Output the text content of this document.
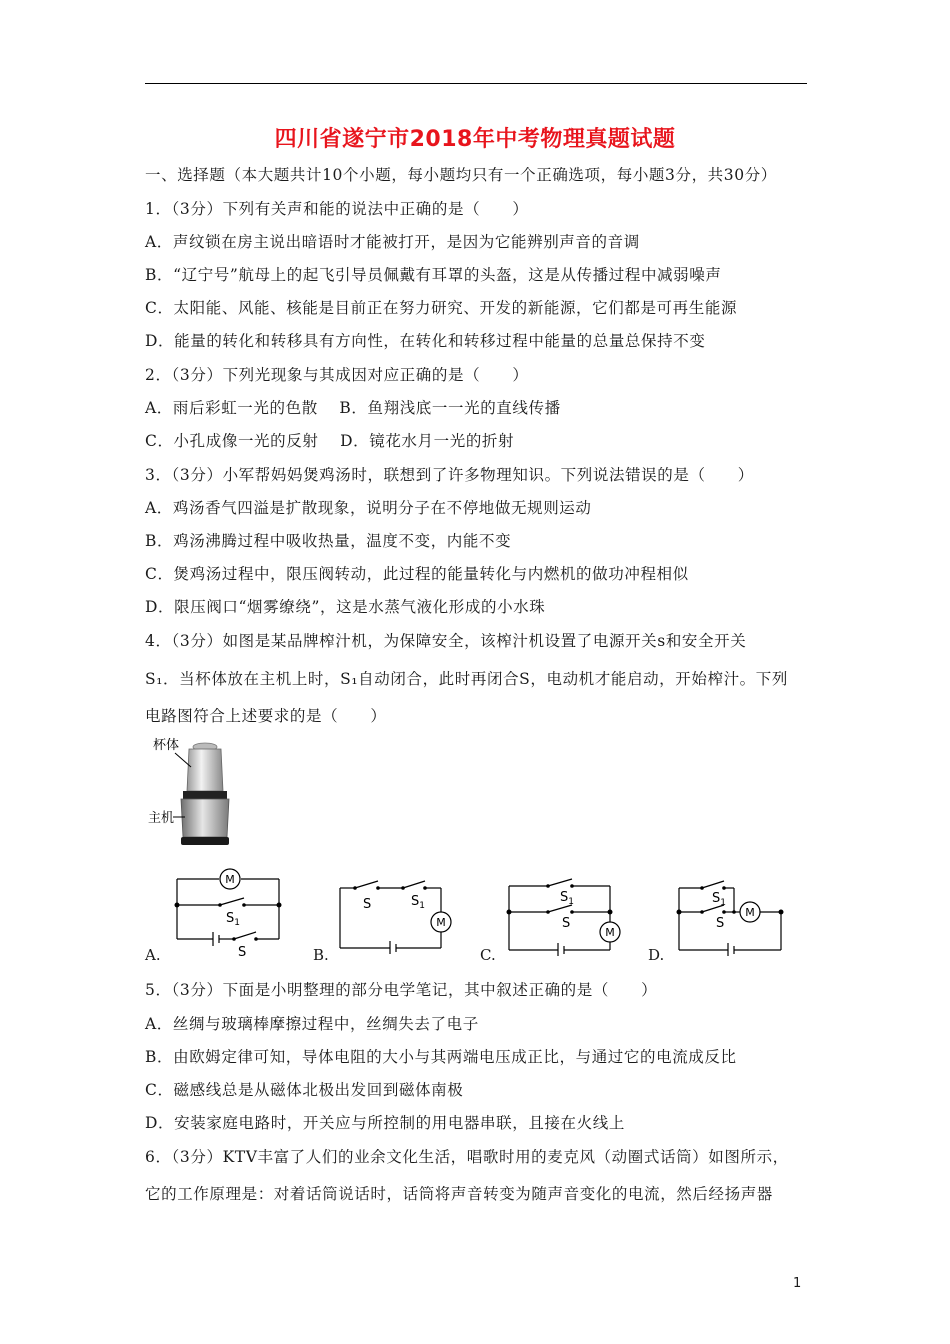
四川省遂宁市2018年中考物理真题试题
一、选择题（本大题共计10个小题，每小题均只有一个正确选项，每小题3分，共30分）
1．（3分）下列有关声和能的说法中正确的是（　　）
A．声纹锁在房主说出暗语时才能被打开，是因为它能辨别声音的音调
B．“辽宁号”航母上的起飞引导员佩戴有耳罩的头盔，这是从传播过程中减弱噪声
C．太阳能、风能、核能是目前正在努力研究、开发的新能源，它们都是可再生能源
D．能量的转化和转移具有方向性，在转化和转移过程中能量的总量总保持不变
2．（3分）下列光现象与其成因对应正确的是（　　）
A．雨后彩虹一光的色散　 B．鱼翔浅底一一光的直线传播
C．小孔成像一光的反射　 D．镜花水月一光的折射
3．（3分）小军帮妈妈煲鸡汤时，联想到了许多物理知识。下列说法错误的是（　　）
A．鸡汤香气四溢是扩散现象，说明分子在不停地做无规则运动
B．鸡汤沸腾过程中吸收热量，温度不变，内能不变
C．煲鸡汤过程中，限压阀转动，此过程的能量转化与内燃机的做功冲程相似
D．限压阀口“烟雾缭绕”，这是水蒸气液化形成的小水珠
4．（3分）如图是某品牌榨汁机，为保障安全，该榨汁机设置了电源开关s和安全开关
S₁．当杯体放在主机上时，S₁自动闭合，此时再闭合S，电动机才能启动，开始榨汁。下列
电路图符合上述要求的是（　　）
杯体
主机
M
$S_1$
S
A.
M
S	$S_1$
B.
M
$S_1$
S
C.
M
$S_1$
S
D.
5．（3分）下面是小明整理的部分电学笔记，其中叙述正确的是（　　）
A．丝绸与玻璃棒摩擦过程中，丝绸失去了电子
B．由欧姆定律可知，导体电阻的大小与其两端电压成正比，与通过它的电流成反比
C．磁感线总是从磁体北极出发回到磁体南极
D．安装家庭电路时，开关应与所控制的用电器串联，且接在火线上
6．（3分）KTV丰富了人们的业余文化生活，唱歌时用的麦克风（动圈式话筒）如图所示，
它的工作原理是：对着话筒说话时，话筒将声音转变为随声音变化的电流，然后经扬声器
1
